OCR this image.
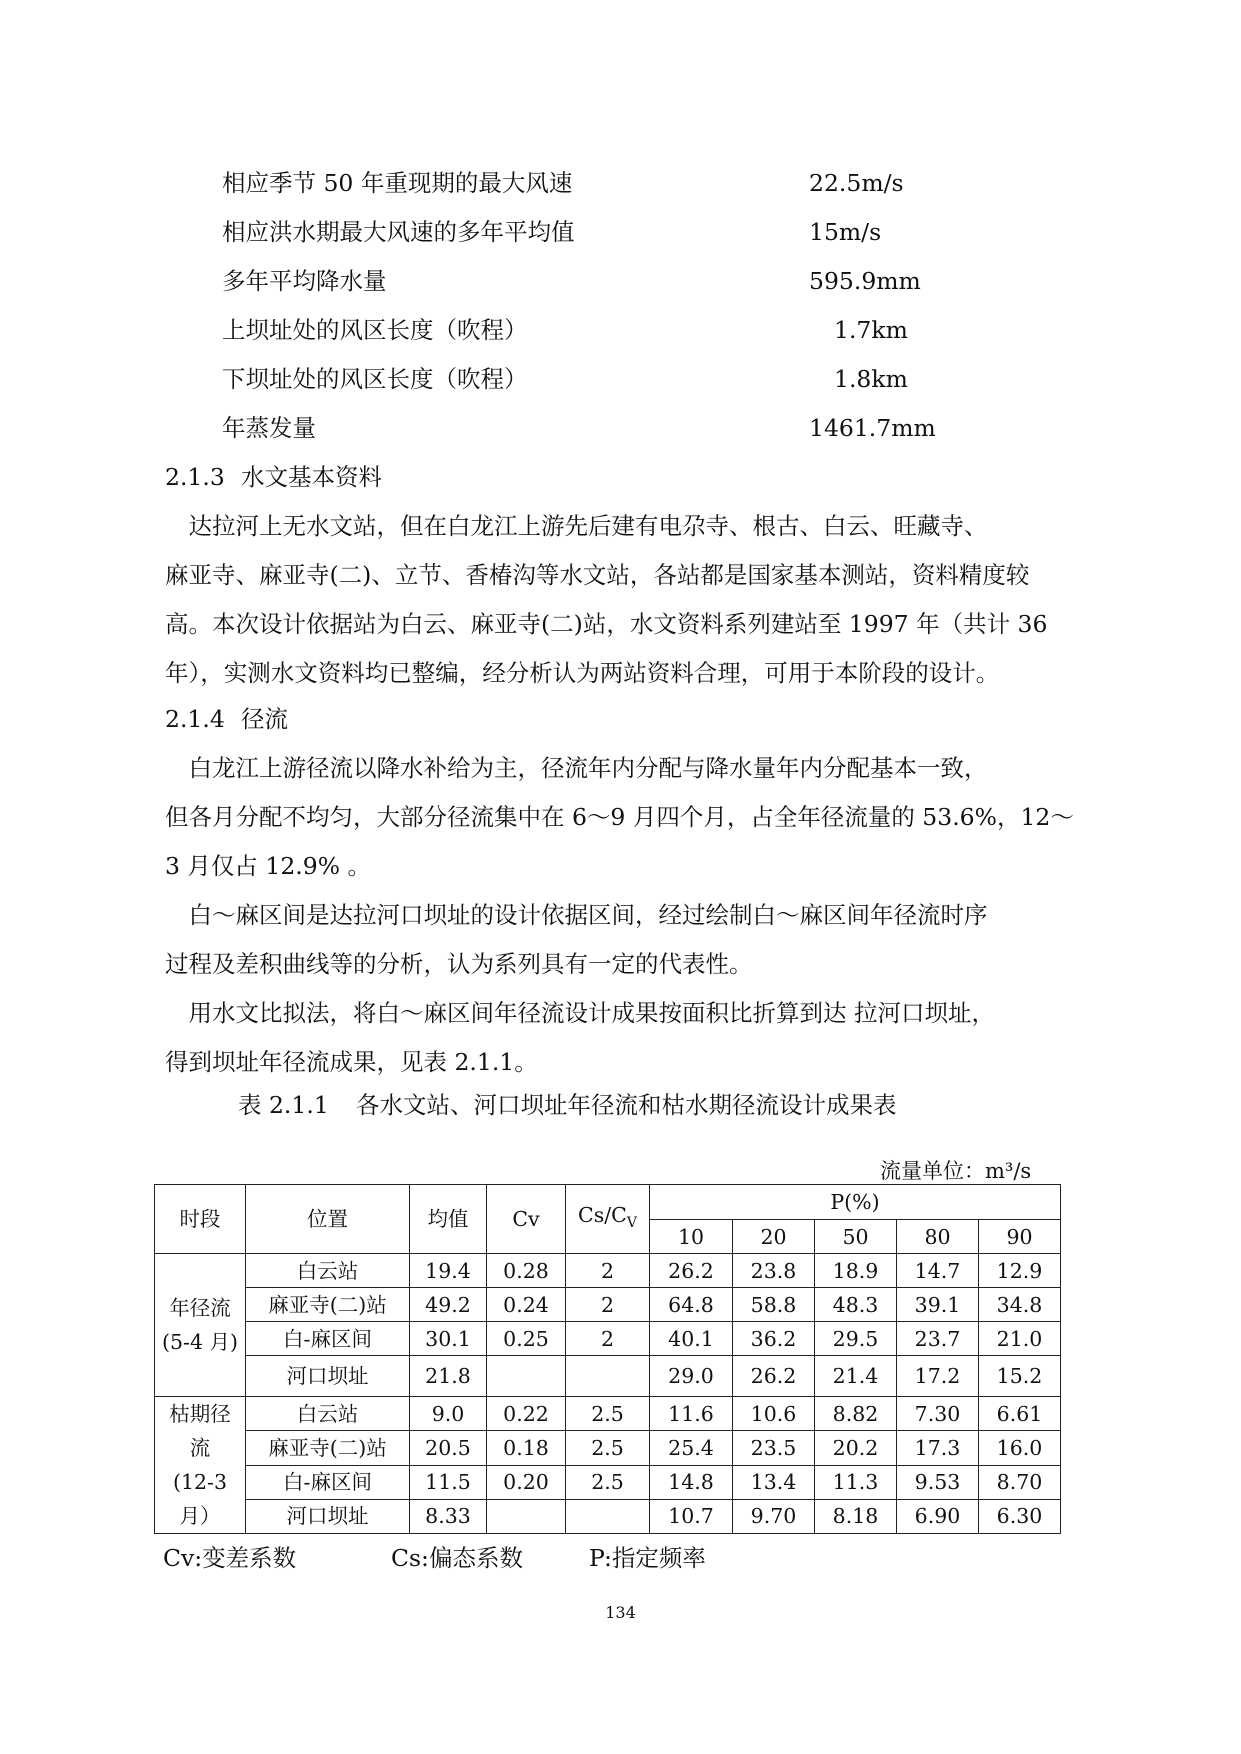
相应季节 50 年重现期的最大风速	22.5m/s
相应洪水期最大风速的多年平均值	15m/s
多年平均降水量	595.9mm
上坝址处的风区长度（吹程）	1.7km
下坝址处的风区长度（吹程）	1.8km
年蒸发量	1461.7mm
2.1.3 水文基本资料
　达拉河上无水文站，但在白龙江上游先后建有电尕寺、根古、白云、旺藏寺、
麻亚寺、麻亚寺(二)、立节、香椿沟等水文站，各站都是国家基本测站，资料精度较
高。本次设计依据站为白云、麻亚寺(二)站，水文资料系列建站至 1997 年（共计 36
年），实测水文资料均已整编，经分析认为两站资料合理，可用于本阶段的设计。
2.1.4 径流
　白龙江上游径流以降水补给为主，径流年内分配与降水量年内分配基本一致，
但各月分配不均匀，大部分径流集中在 6～9 月四个月，占全年径流量的 53.6%，12～
3 月仅占 12.9% 。
　白～麻区间是达拉河口坝址的设计依据区间，经过绘制白～麻区间年径流时序
过程及差积曲线等的分析，认为系列具有一定的代表性。
　用水文比拟法，将白～麻区间年径流设计成果按面积比折算到达 拉河口坝址，
得到坝址年径流成果，见表 2.1.1。
表 2.1.1 各水文站、河口坝址年径流和枯水期径流设计成果表
流量单位：m³/s
时段	位置	均值	Cv	$Cs/C_V$	P(%)				
					10	20	50	80	90

年径流
(5-4 月)	白云站	19.4	0.28	2	26.2	23.8	18.9	14.7	12.9
	麻亚寺(二)站	49.2	0.24	2	64.8	58.8	48.3	39.1	34.8
	白-麻区间	30.1	0.25	2	40.1	36.2	29.5	23.7	21.0
	河口坝址	21.8			29.0	26.2	21.4	17.2	15.2

枯期径
流
(12-3
月）	白云站	9.0	0.22	2.5	11.6	10.6	8.82	7.30	6.61
	麻亚寺(二)站	20.5	0.18	2.5	25.4	23.5	20.2	17.3	16.0
	白-麻区间	11.5	0.20	2.5	14.8	13.4	11.3	9.53	8.70
	河口坝址	8.33			10.7	9.70	8.18	6.90	6.30
Cv:变差系数	Cs:偏态系数	P:指定频率
134
